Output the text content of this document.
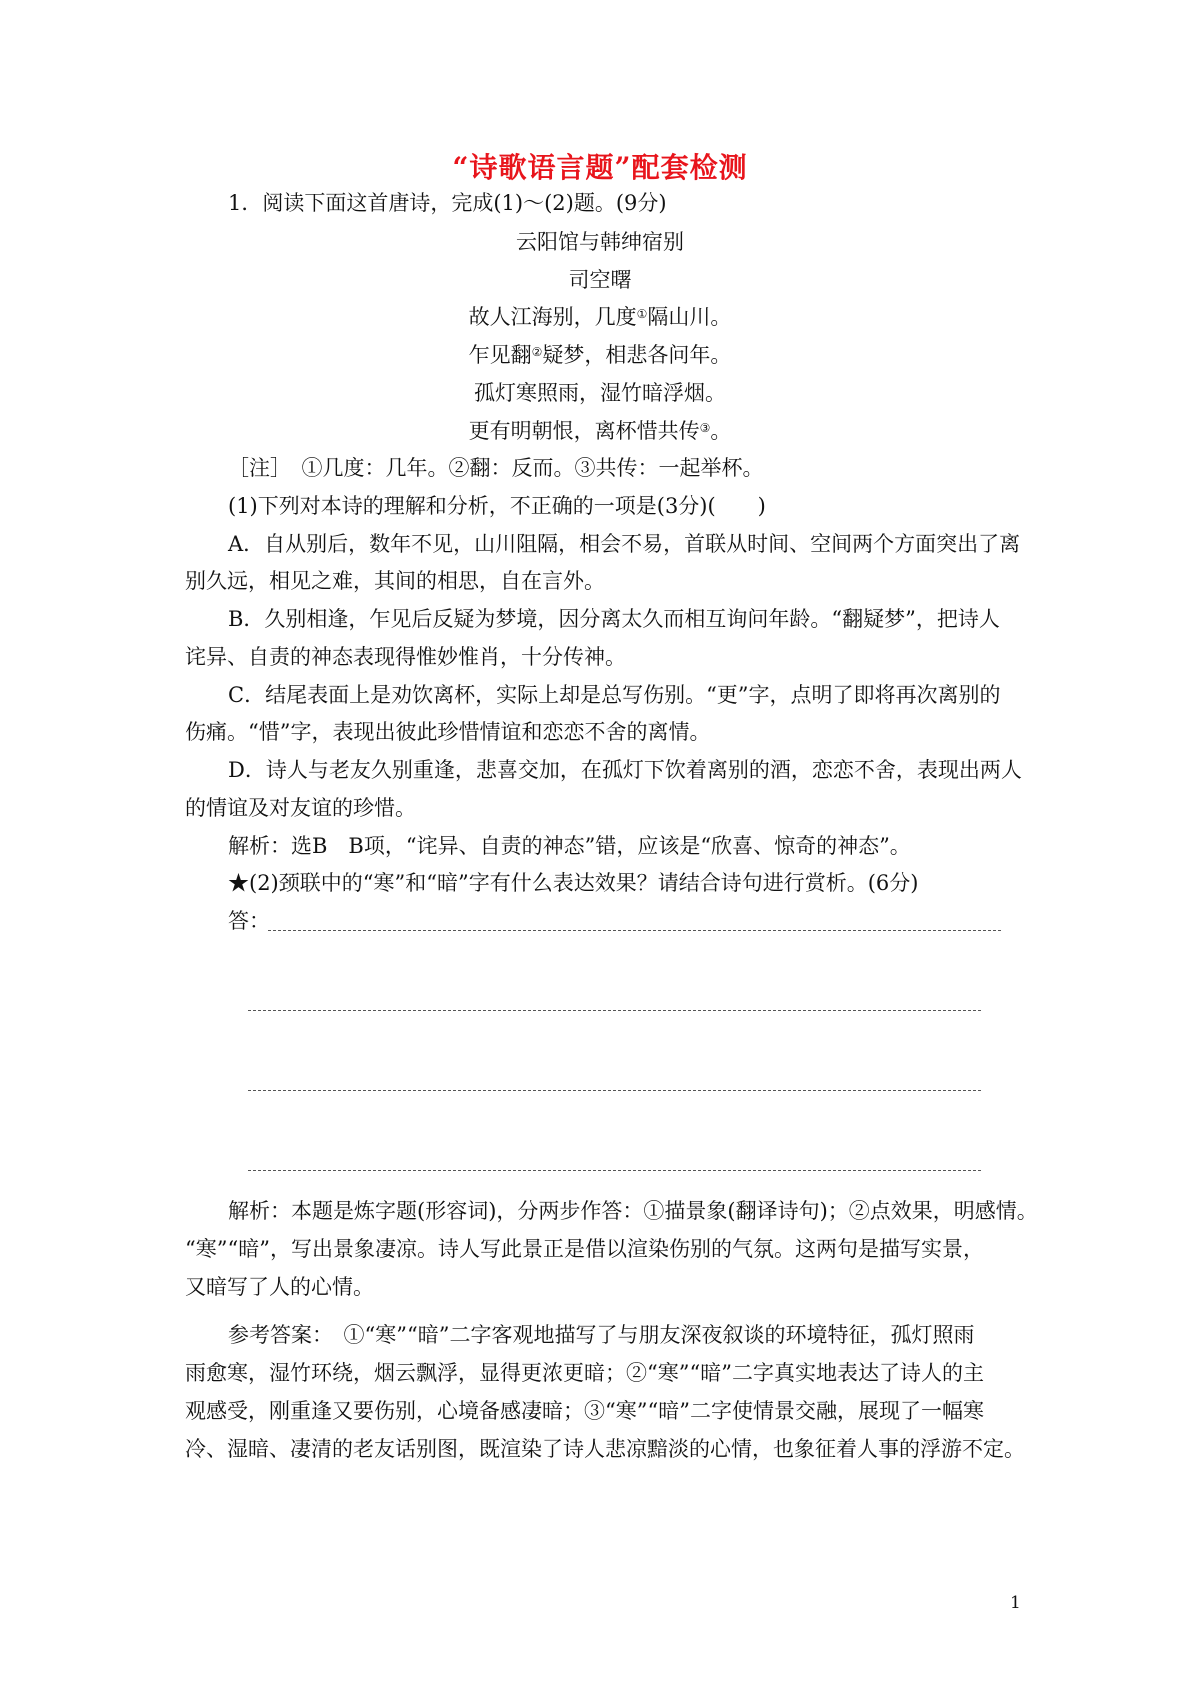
“诗歌语言题”配套检测
1．阅读下面这首唐诗，完成(1)～(2)题。(9分)
云阳馆与韩绅宿别
司空曙
故人江海别，几度①隔山川。
乍见翻②疑梦，相悲各问年。
孤灯寒照雨，湿竹暗浮烟。
更有明朝恨，离杯惜共传③。
［注］　①几度：几年。②翻：反而。③共传：一起举杯。
(1)下列对本诗的理解和分析，不正确的一项是(3分)(　　)
A．自从别后，数年不见，山川阻隔，相会不易，首联从时间、空间两个方面突出了离
别久远，相见之难，其间的相思，自在言外。
B．久别相逢，乍见后反疑为梦境，因分离太久而相互询问年龄。“翻疑梦”，把诗人
诧异、自责的神态表现得惟妙惟肖，十分传神。
C．结尾表面上是劝饮离杯，实际上却是总写伤别。“更”字，点明了即将再次离别的
伤痛。“惜”字，表现出彼此珍惜情谊和恋恋不舍的离情。
D．诗人与老友久别重逢，悲喜交加，在孤灯下饮着离别的酒，恋恋不舍，表现出两人
的情谊及对友谊的珍惜。
解析：选B　B项，“诧异、自责的神态”错，应该是“欣喜、惊奇的神态”。
★(2)颈联中的“寒”和“暗”字有什么表达效果？请结合诗句进行赏析。(6分)
答：
解析：本题是炼字题(形容词)，分两步作答：①描景象(翻译诗句)；②点效果，明感情。
“寒”“暗”，写出景象凄凉。诗人写此景正是借以渲染伤别的气氛。这两句是描写实景，
又暗写了人的心情。
参考答案：　①“寒”“暗”二字客观地描写了与朋友深夜叙谈的环境特征，孤灯照雨
雨愈寒，湿竹环绕，烟云飘浮，显得更浓更暗；②“寒”“暗”二字真实地表达了诗人的主
观感受，刚重逢又要伤别，心境备感凄暗；③“寒”“暗”二字使情景交融，展现了一幅寒
冷、湿暗、凄清的老友话别图，既渲染了诗人悲凉黯淡的心情，也象征着人事的浮游不定。
1
